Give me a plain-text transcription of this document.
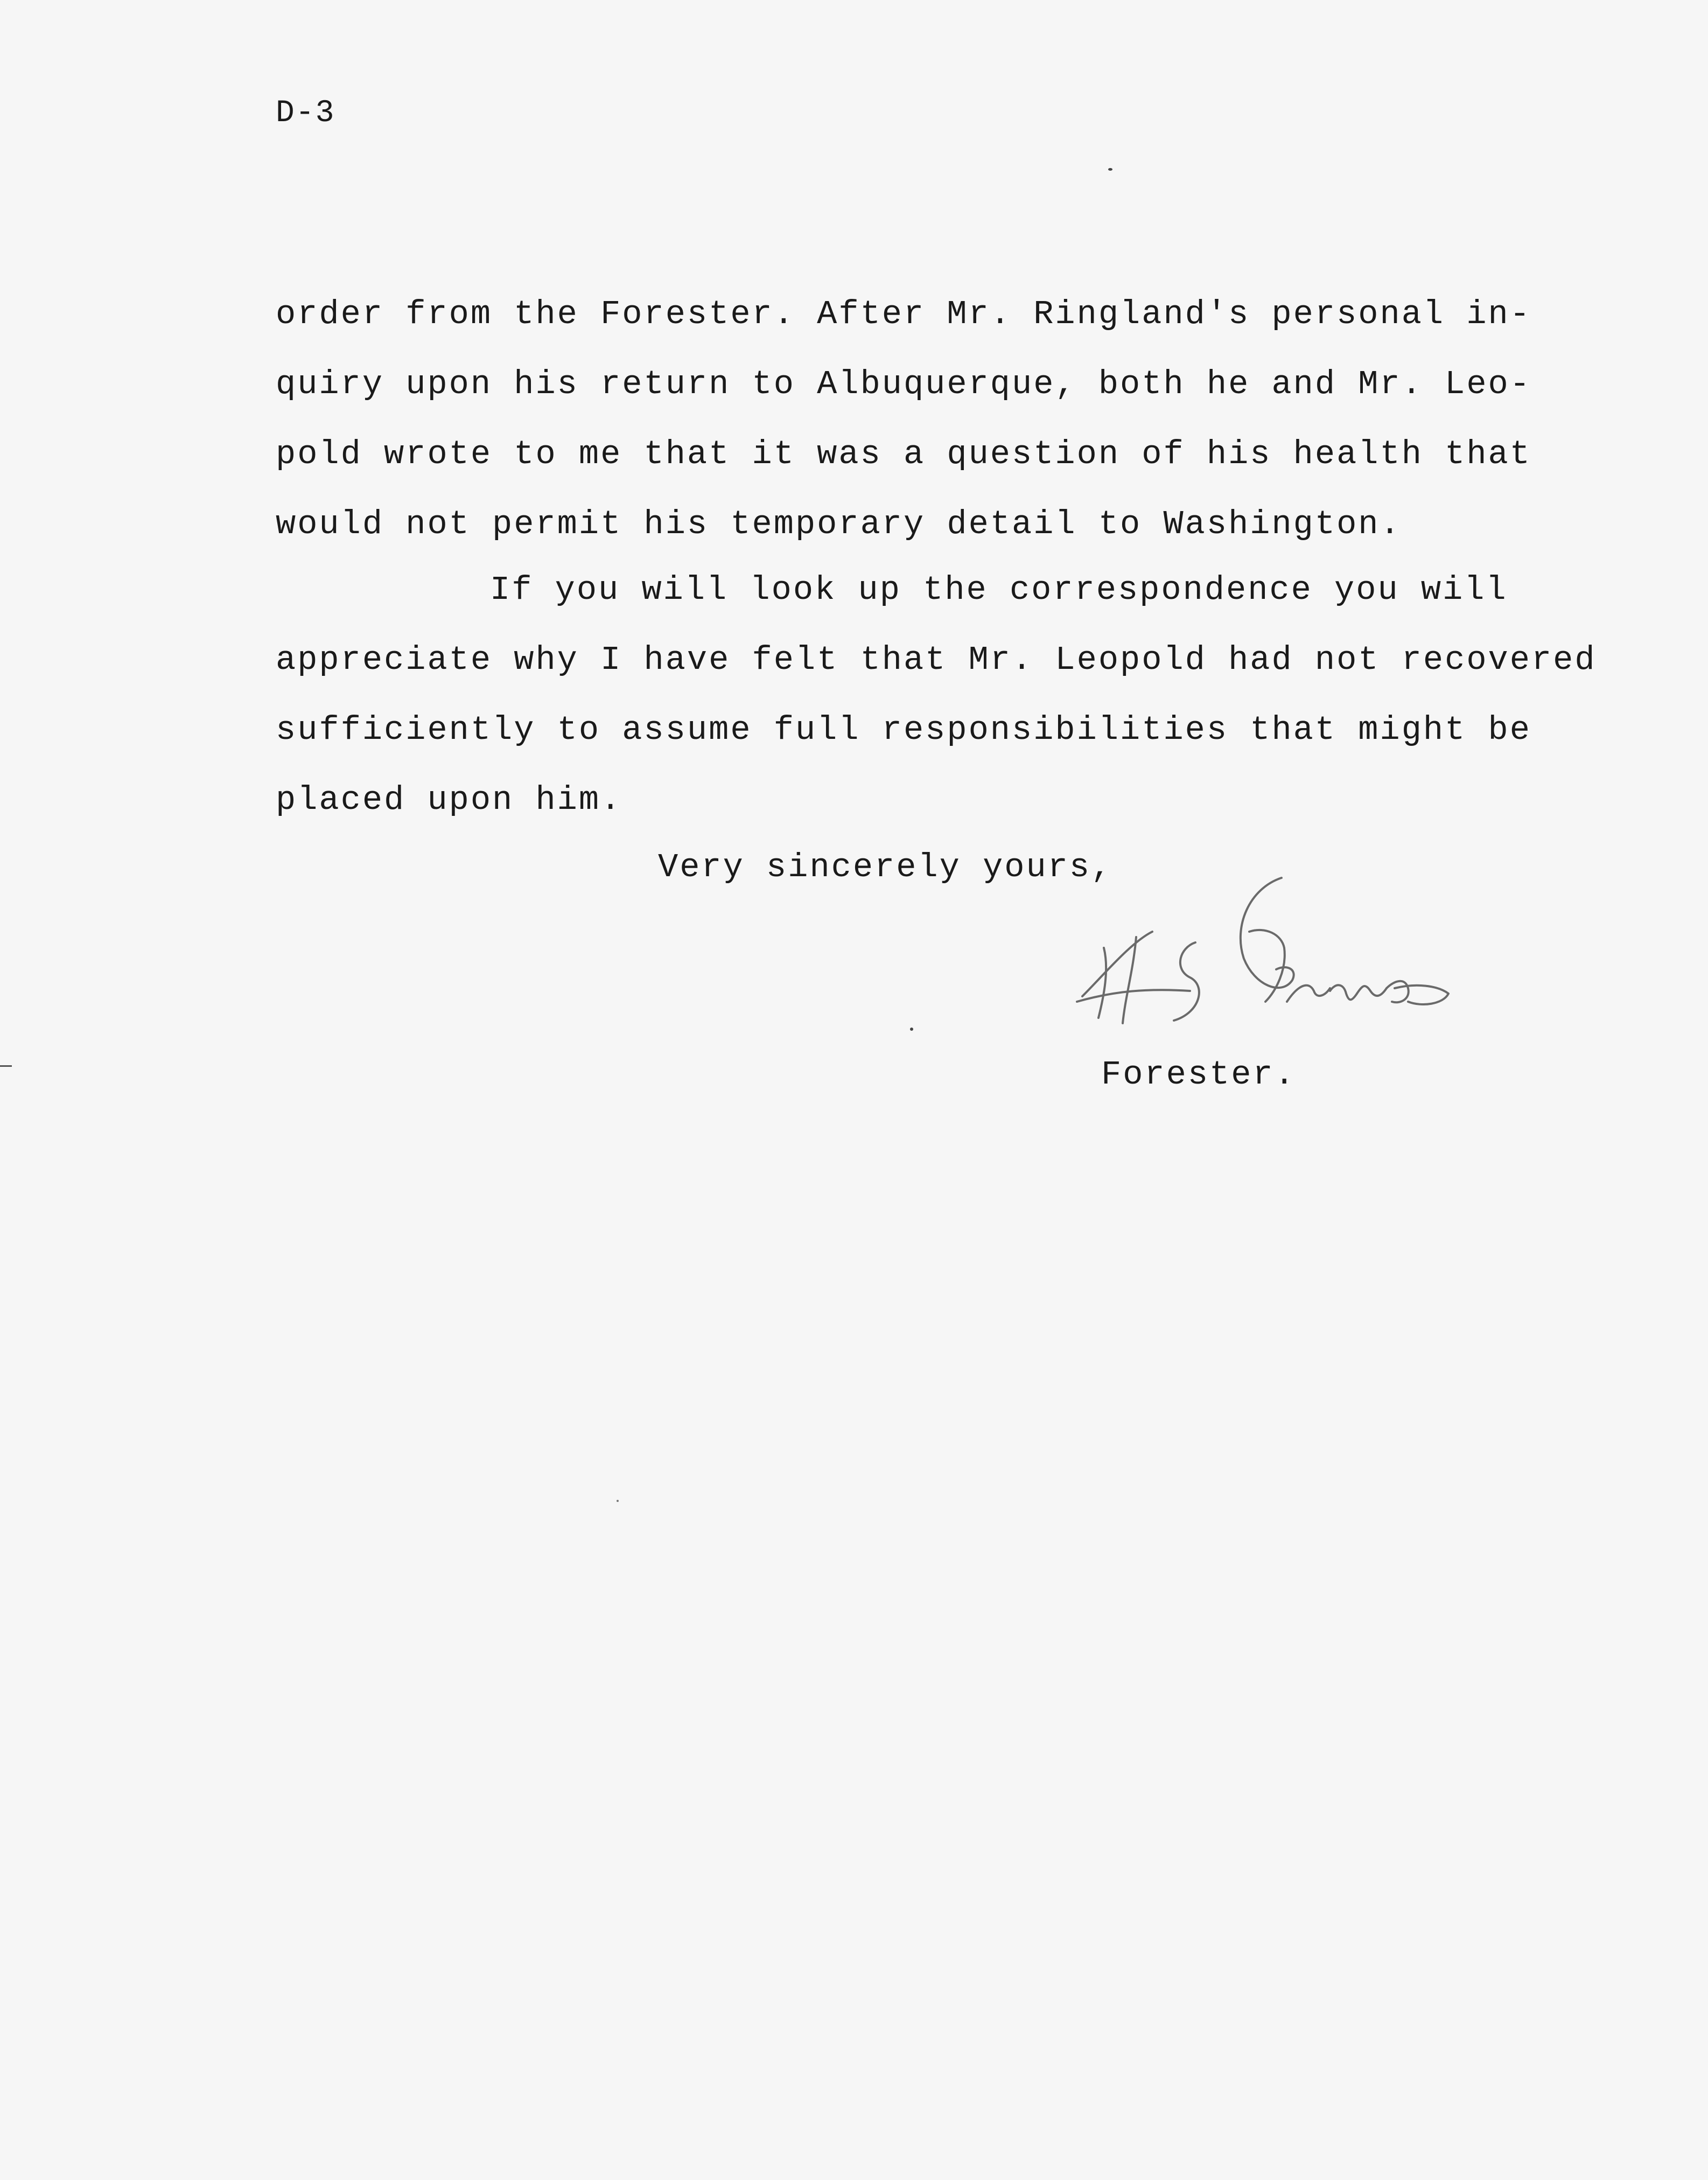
D-3
order from the Forester. After Mr. Ringland's personal in-
quiry upon his return to Albuquerque, both he and Mr. Leo-
pold wrote to me that it was a question of his health that
would not permit his temporary detail to Washington.
If you will look up the correspondence you will
appreciate why I have felt that Mr. Leopold had not recovered
sufficiently to assume full responsibilities that might be
placed upon him.
Very sincerely yours,
Forester.
